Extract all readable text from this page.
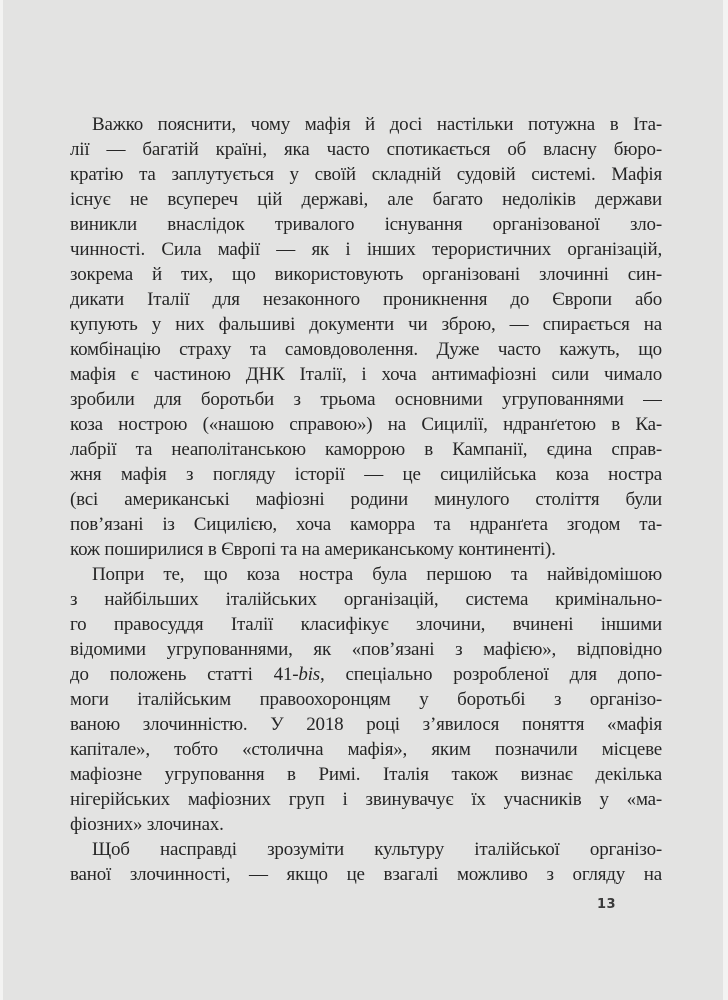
Важко пояснити, чому мафія й досі настільки потужна в Іта-
лії — багатій країні, яка часто спотикається об власну бюро-
кратію та заплутується у своїй складній судовій системі. Мафія
існує не всупереч цій державі, але багато недоліків держави
виникли внаслідок тривалого існування організованої зло-
чинності. Сила мафії — як і інших терористичних організацій,
зокрема й тих, що використовують організовані злочинні син-
дикати Італії для незаконного проникнення до Європи або
купують у них фальшиві документи чи зброю, — спирається на
комбінацію страху та самовдоволення. Дуже часто кажуть, що
мафія є частиною ДНК Італії, і хоча антимафіозні сили чимало
зробили для боротьби з трьома основними угрупованнями —
коза нострою («нашою справою») на Сицилії, ндранґетою в Ка-
лабрії та неаполітанською каморрою в Кампанії, єдина справ-
жня мафія з погляду історії — це сицилійська коза ностра
(всі американські мафіозні родини минулого століття були
пов’язані із Сицилією, хоча каморра та ндранґета згодом та-
кож поширилися в Європі та на американському континенті).
Попри те, що коза ностра була першою та найвідомішою
з найбільших італійських організацій, система кримінально-
го правосуддя Італії класифікує злочини, вчинені іншими
відомими угрупованнями, як «пов’язані з мафією», відповідно
до положень статті 41-bis, спеціально розробленої для допо-
моги італійським правоохоронцям у боротьбі з організо-
ваною злочинністю. У 2018 році з’явилося поняття «мафія
капітале», тобто «столична мафія», яким позначили місцеве
мафіозне угруповання в Римі. Італія також визнає декілька
нігерійських мафіозних груп і звинувачує їх учасників у «ма-
фіозних» злочинах.
Щоб насправді зрозуміти культуру італійської організо-
ваної злочинності, — якщо це взагалі можливо з огляду на
13
